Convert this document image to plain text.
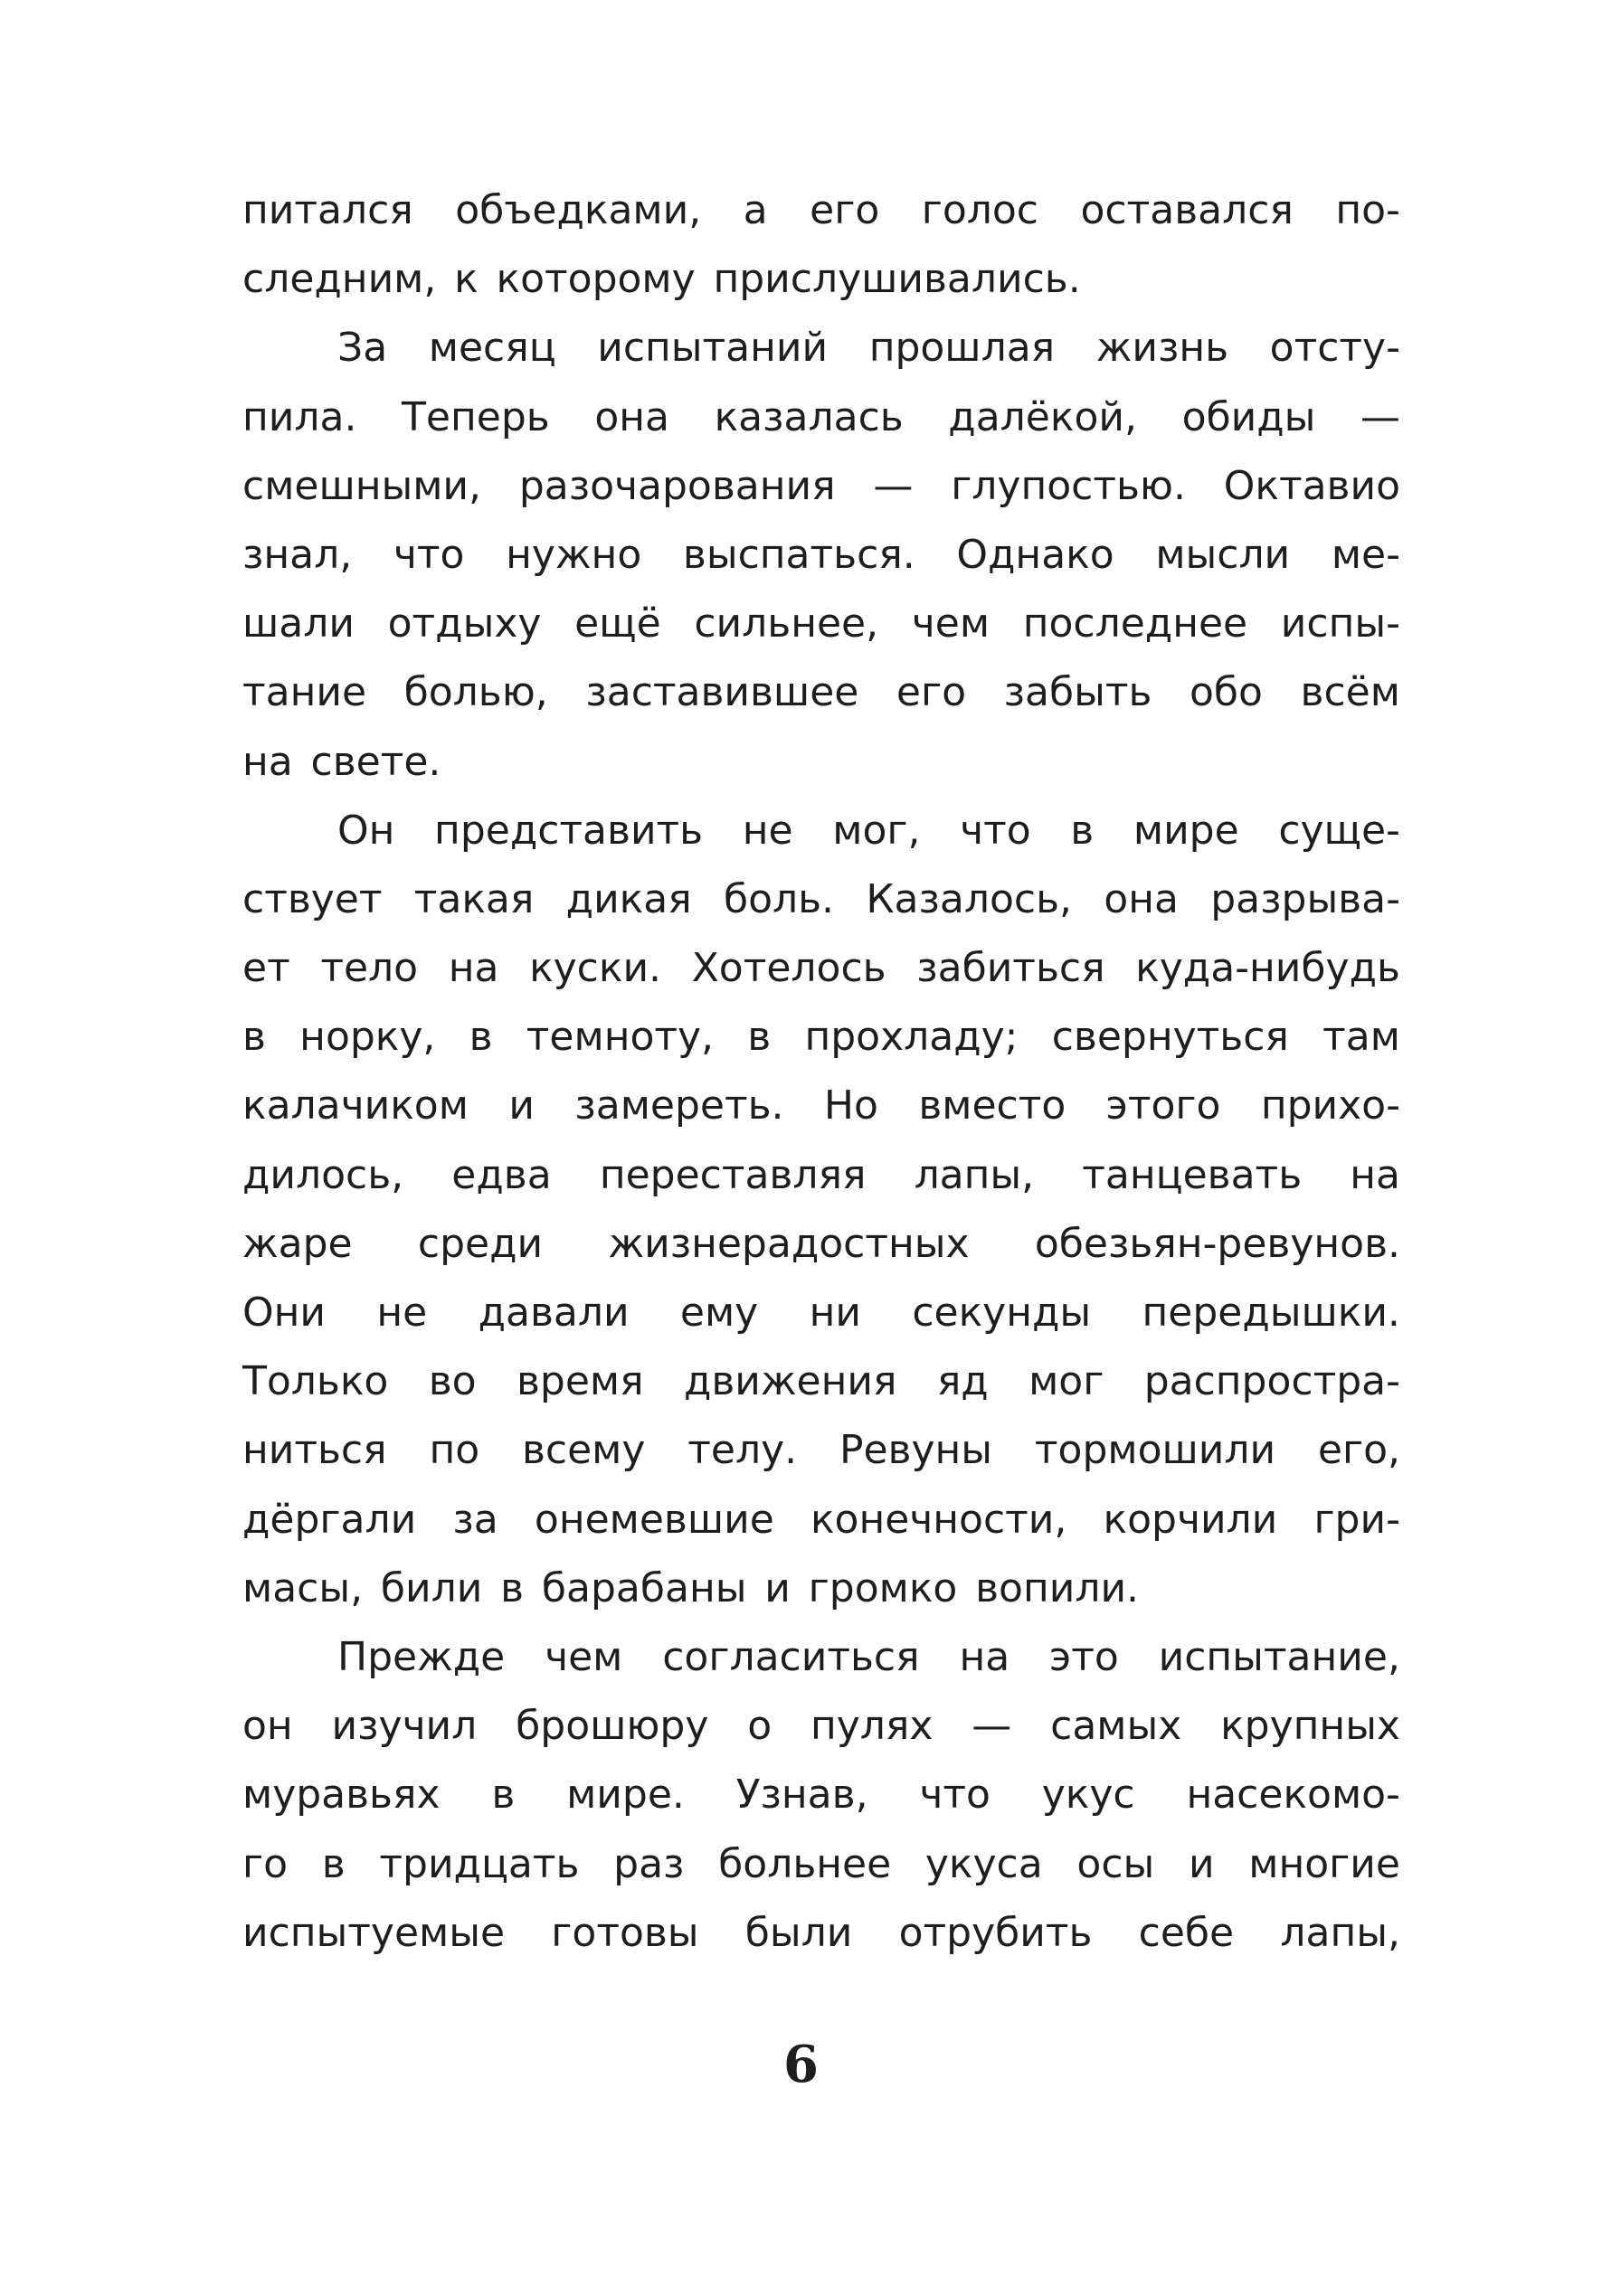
питался объедками, а его голос оставался по-
следним, к которому прислушивались.
За месяц испытаний прошлая жизнь отсту-
пила. Теперь она казалась далёкой, обиды —
смешными, разочарования — глупостью. Октавио
знал, что нужно выспаться. Однако мысли ме-
шали отдыху ещё сильнее, чем последнее испы-
тание болью, заставившее его забыть обо всём
на свете.
Он представить не мог, что в мире суще-
ствует такая дикая боль. Казалось, она разрыва-
ет тело на куски. Хотелось забиться куда-нибудь
в норку, в темноту, в прохладу; свернуться там
калачиком и замереть. Но вместо этого прихо-
дилось, едва переставляя лапы, танцевать на
жаре среди жизнерадостных обезьян-ревунов.
Они не давали ему ни секунды передышки.
Только во время движения яд мог распростра-
ниться по всему телу. Ревуны тормошили его,
дёргали за онемевшие конечности, корчили гри-
масы, били в барабаны и громко вопили.
Прежде чем согласиться на это испытание,
он изучил брошюру о пулях — самых крупных
муравьях в мире. Узнав, что укус насекомо-
го в тридцать раз больнее укуса осы и многие
испытуемые готовы были отрубить себе лапы,
6
